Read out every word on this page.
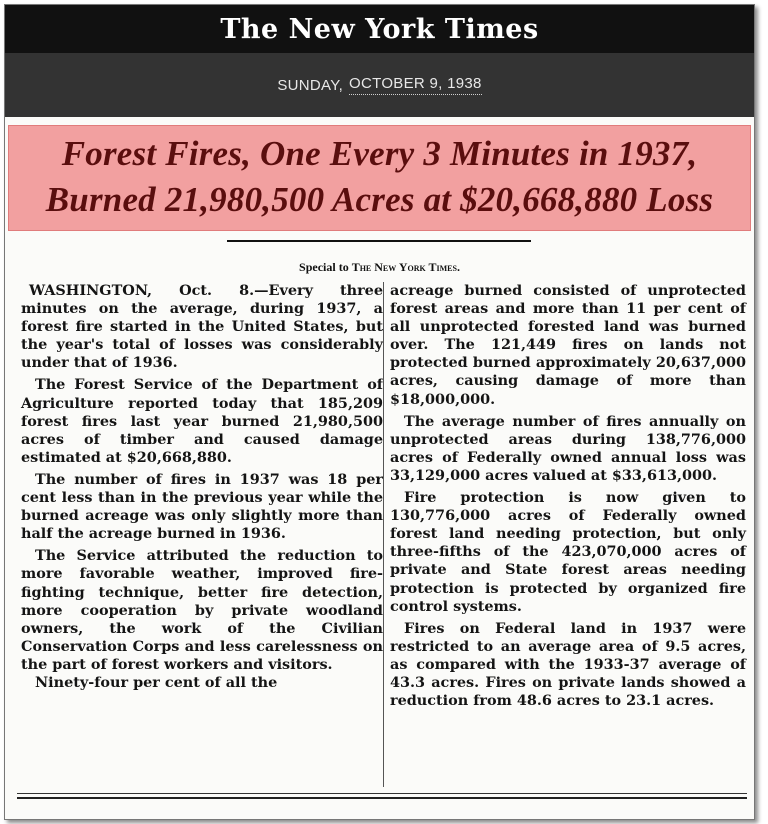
The New York Times
SUNDAY, OCTOBER 9, 1938
Forest Fires, One Every 3 Minutes in 1937,
Burned 21,980,500 Acres at $20,668,880 Loss
Special to The New York Times.

WASHINGTON, Oct. 8.—Every three minutes on the average, during 1937, a forest fire started in the United States, but the year's total of losses was considerably under that of 1936.

The Forest Service of the Department of Agriculture reported today that 185,209 forest fires last year burned 21,980,500 acres of timber and caused damage estimated at $20,668,880.

The number of fires in 1937 was 18 per cent less than in the previous year while the burned acreage was only slightly more than half the acreage burned in 1936.

The Service attributed the reduction to more favorable weather, improved fire-fighting technique, better fire detection, more cooperation by private woodland owners, the work of the Civilian Conservation Corps and less carelessness on the part of forest workers and visitors.

Ninety-four per cent of all the

acreage burned consisted of unprotected forest areas and more than 11 per cent of all unprotected forested land was burned over. The 121,449 fires on lands not protected burned approximately 20,637,000 acres, causing damage of more than $18,000,000.

The average number of fires annually on unprotected areas during 138,776,000 acres of Federally owned annual loss was 33,129,000 acres valued at $33,613,000.

Fire protection is now given to 130,776,000 acres of Federally owned forest land needing protection, but only three-fifths of the 423,070,000 acres of private and State forest areas needing protection is protected by organized fire control systems.

Fires on Federal land in 1937 were restricted to an average area of 9.5 acres, as compared with the 1933-37 average of 43.3 acres. Fires on private lands showed a reduction from 48.6 acres to 23.1 acres.
